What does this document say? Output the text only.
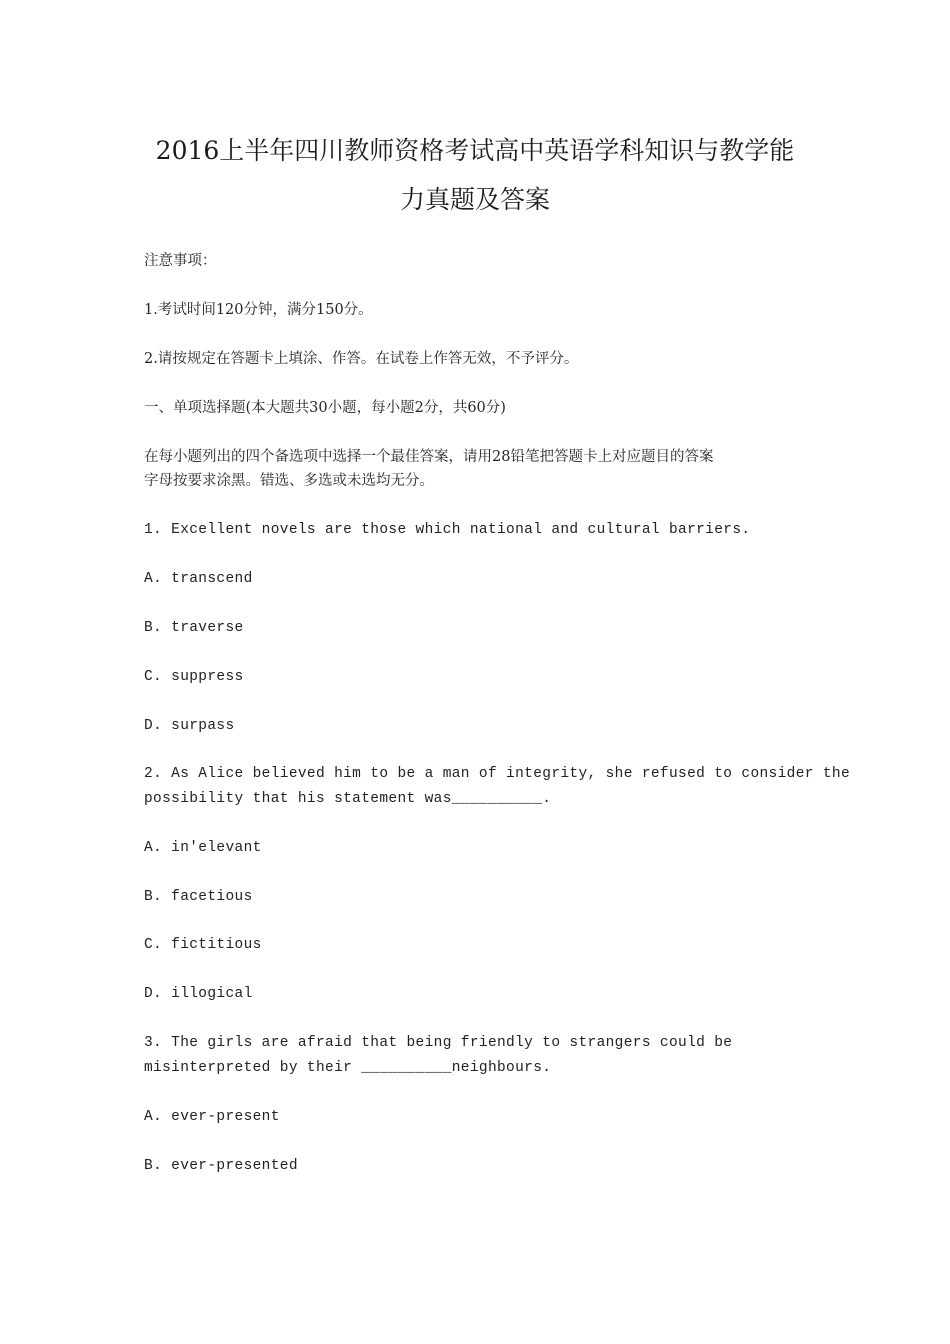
2016上半年四川教师资格考试高中英语学科知识与教学能
力真题及答案
注意事项：
1.考试时间120分钟，满分150分。
2.请按规定在答题卡上填涂、作答。在试卷上作答无效，不予评分。
一、单项选择题(本大题共30小题，每小题2分，共60分)
在每小题列出的四个备选项中选择一个最佳答案，请用28铅笔把答题卡上对应题目的答案
字母按要求涂黑。错选、多选或未选均无分。
1. Excellent novels are those which national and cultural barriers.
A. transcend
B. traverse
C. suppress
D. surpass
2. As Alice believed him to be a man of integrity, she refused to consider the
possibility that his statement was__________.
A. in'elevant
B. facetious
C. fictitious
D. illogical
3. The girls are afraid that being friendly to strangers could be
misinterpreted by their __________neighbours.
A. ever-present
B. ever-presented
